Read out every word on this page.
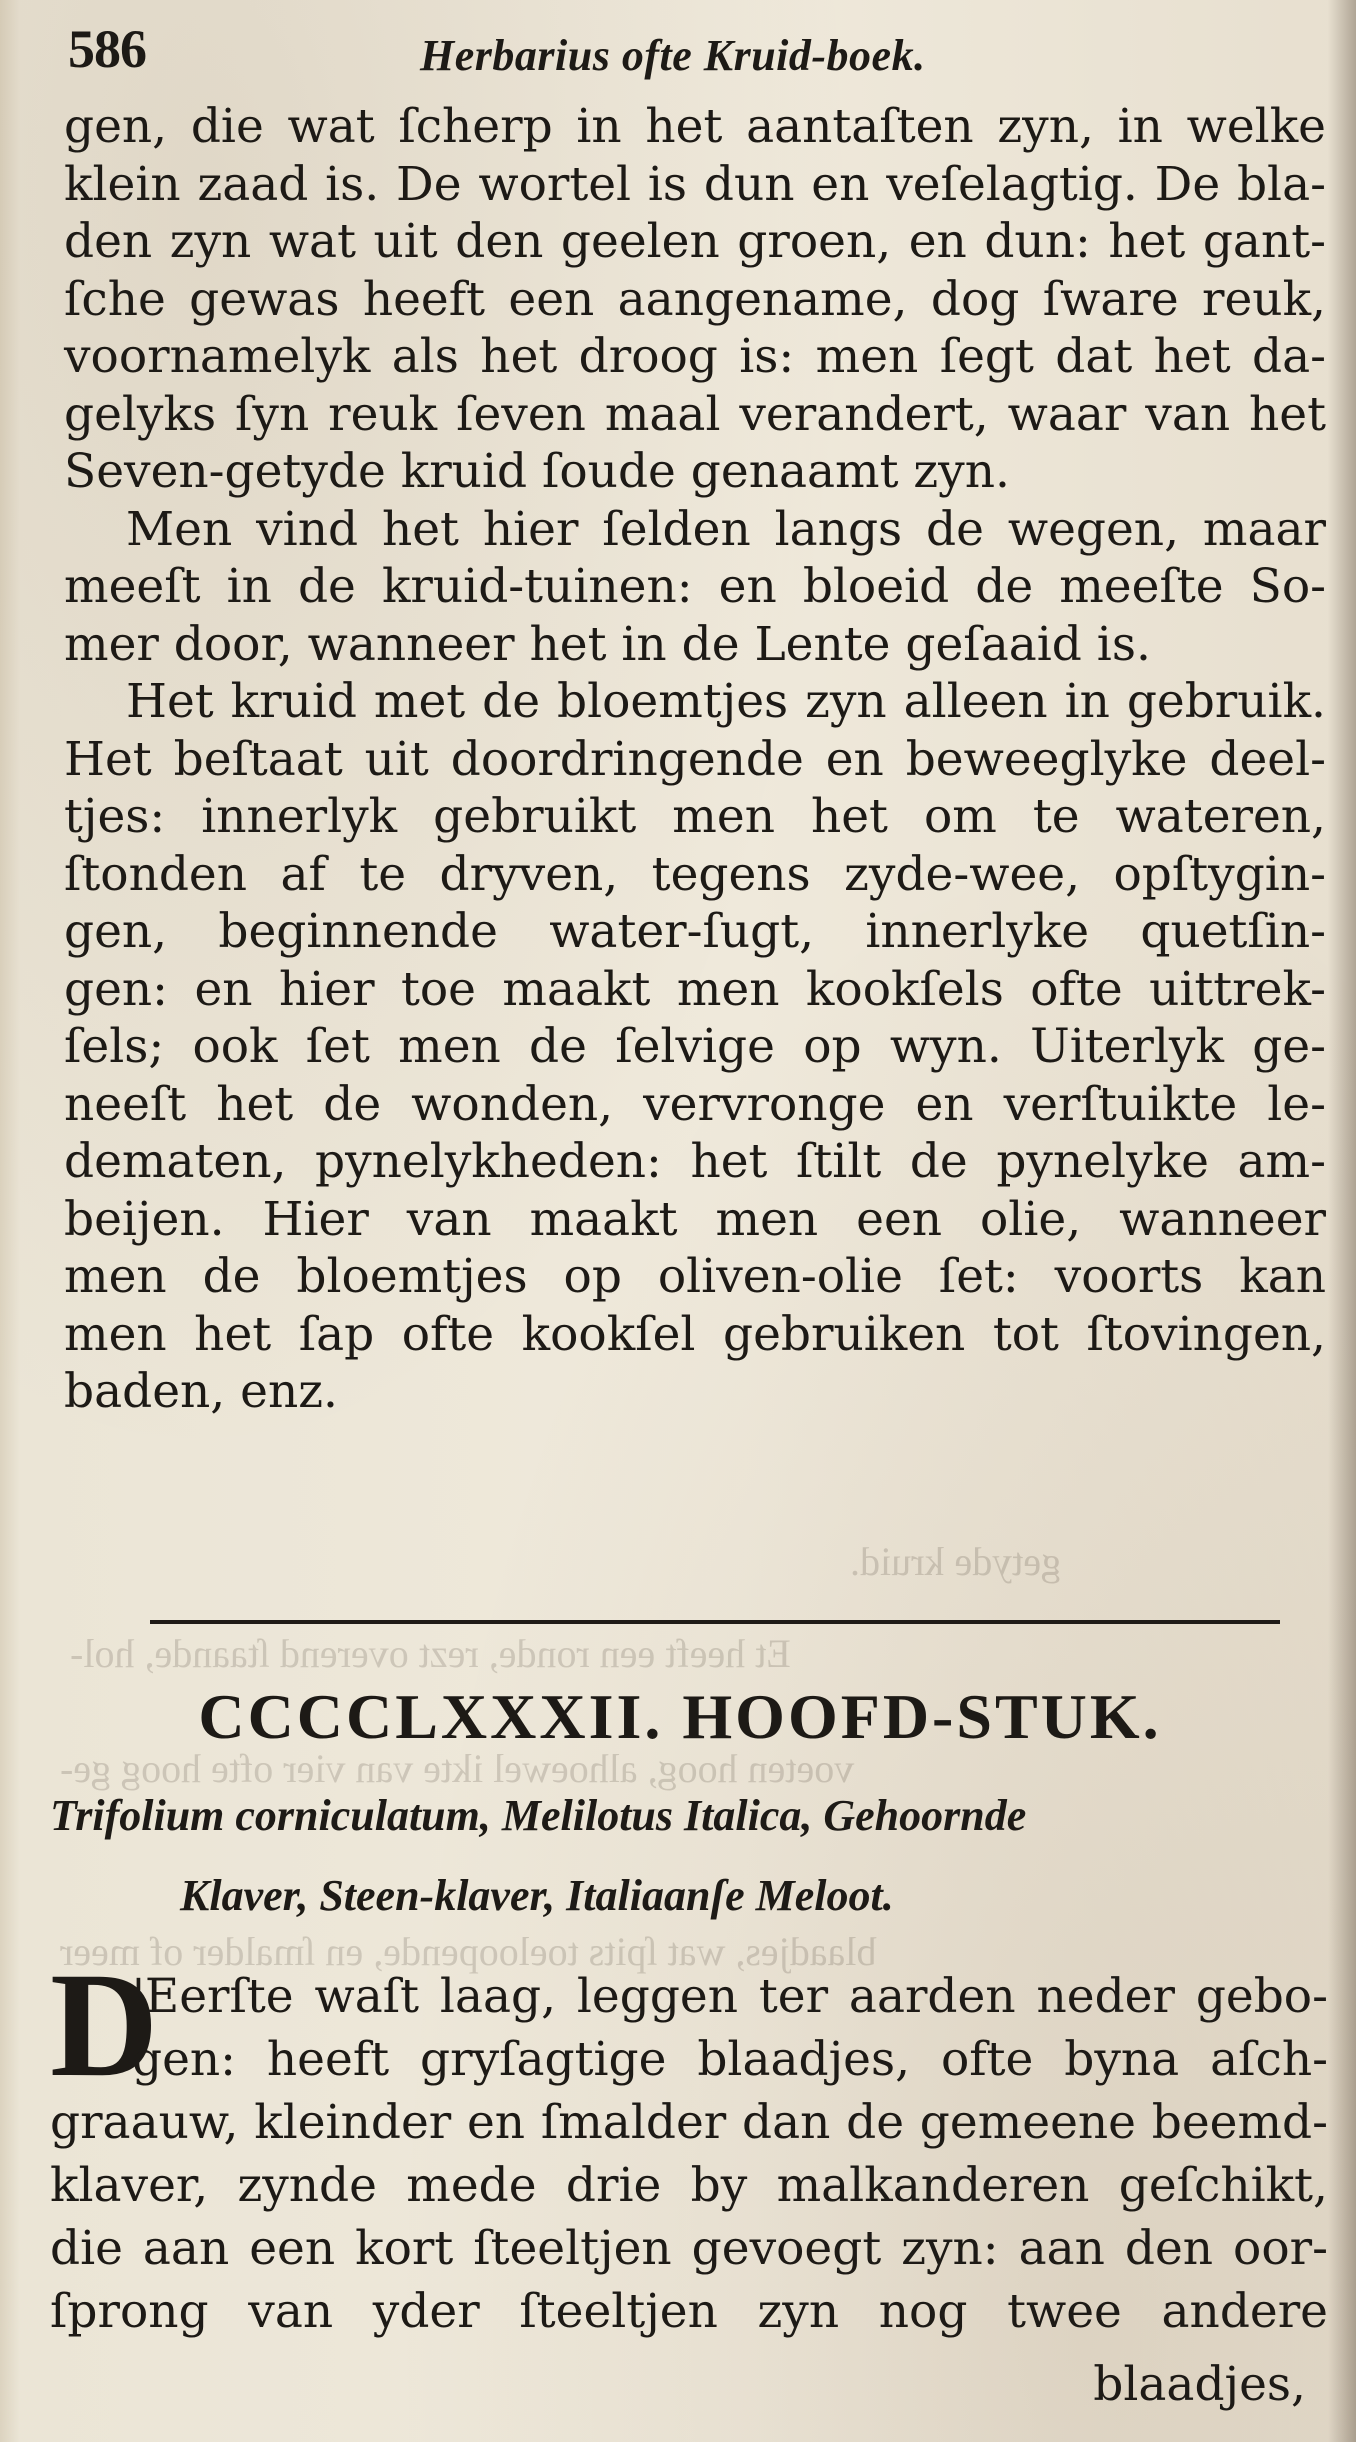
586	Herbarius ofte Kruid-boek.
getyde kruid.
Et heeft een ronde, rezt overend ſtaande, hol-
voeten hoog, alhoewel ikte van vier ofte hoog ge-
blaadjes, wat ſpits toeloopende, en ſmalder of meer
gen, die wat ſcherp in het aantaſten zyn, in welke
klein zaad is. De wortel is dun en veſelagtig. De bla-
den zyn wat uit den geelen groen, en dun: het gant-
ſche gewas heeft een aangename, dog ſware reuk,
voornamelyk als het droog is: men ſegt dat het da-
gelyks ſyn reuk ſeven maal verandert, waar van het
Seven-getyde kruid ſoude genaamt zyn.
Men vind het hier ſelden langs de wegen, maar
meeſt in de kruid-tuinen: en bloeid de meeſte So-
mer door, wanneer het in de Lente geſaaid is.
Het kruid met de bloemtjes zyn alleen in gebruik.
Het beſtaat uit doordringende en beweeglyke deel-
tjes: innerlyk gebruikt men het om te wateren,
ſtonden af te dryven, tegens zyde-wee, opſtygin-
gen, beginnende water-ſugt, innerlyke quetſin-
gen: en hier toe maakt men kookſels ofte uittrek-
ſels; ook ſet men de ſelvige op wyn. Uiterlyk ge-
neeſt het de wonden, vervronge en verſtuikte le-
dematen, pynelykheden: het ſtilt de pynelyke am-
beijen. Hier van maakt men een olie, wanneer
men de bloemtjes op oliven-olie ſet: voorts kan
men het ſap ofte kookſel gebruiken tot ſtovingen,
baden, enz.
CCCCLXXXII. HOOFD-STUK.
Trifolium corniculatum, Melilotus Italica, Gehoornde
Klaver, Steen-klaver, Italiaanſe Meloot.
D
'Eerſte waſt laag, leggen ter aarden neder gebo-
gen: heeft gryſagtige blaadjes, ofte byna aſch-
graauw, kleinder en ſmalder dan de gemeene beemd-
klaver, zynde mede drie by malkanderen geſchikt,
die aan een kort ſteeltjen gevoegt zyn: aan den oor-
ſprong van yder ſteeltjen zyn nog twee andere
blaadjes,
